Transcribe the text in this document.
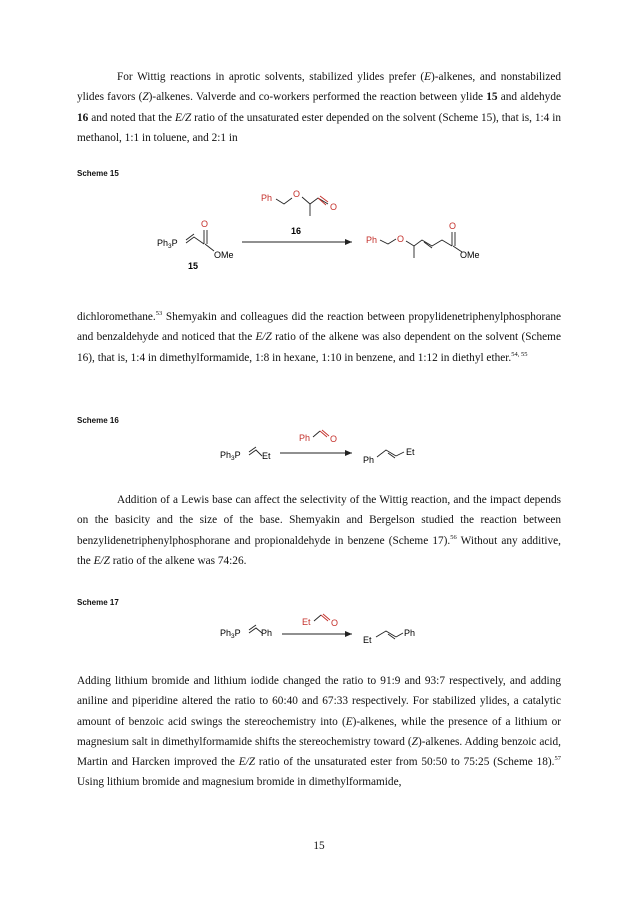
For Wittig reactions in aprotic solvents, stabilized ylides prefer (E)-alkenes, and nonstabilized ylides favors (Z)-alkenes. Valverde and co-workers performed the reaction between ylide 15 and aldehyde 16 and noted that the E/Z ratio of the unsaturated ester depended on the solvent (Scheme 15), that is, 1:4 in methanol, 1:1 in toluene, and 2:1 in

Scheme 15

$Ph_3P$
O
OMe
15
Ph O
O
16
Ph O
O
OMe

dichloromethane.$^{53}$ Shemyakin and colleagues did the reaction between propylidenetriphenylphosphorane and benzaldehyde and noticed that the E/Z ratio of the alkene was also dependent on the solvent (Scheme 16), that is, 1:4 in dimethylformamide, 1:8 in hexane, 1:10 in benzene, and 1:12 in diethyl ether.$^{54, 55}$

Scheme 16

$Ph_3P$ Et
Ph O
Ph
Et

Addition of a Lewis base can affect the selectivity of the Wittig reaction, and the impact depends on the basicity and the size of the base. Shemyakin and Bergelson studied the reaction between benzylidenetriphenylphosphorane and propionaldehyde in benzene (Scheme 17).$^{56}$ Without any additive, the E/Z ratio of the alkene was 74:26.

Scheme 17

$Ph_3P$ Ph
Et O
Et
Ph

Adding lithium bromide and lithium iodide changed the ratio to 91:9 and 93:7 respectively, and adding aniline and piperidine altered the ratio to 60:40 and 67:33 respectively. For stabilized ylides, a catalytic amount of benzoic acid swings the stereochemistry into (E)-alkenes, while the presence of a lithium or magnesium salt in dimethylformamide shifts the stereochemistry toward (Z)-alkenes. Adding benzoic acid, Martin and Harcken improved the E/Z ratio of the unsaturated ester from 50:50 to 75:25 (Scheme 18).$^{57}$ Using lithium bromide and magnesium bromide in dimethylformamide,

15
